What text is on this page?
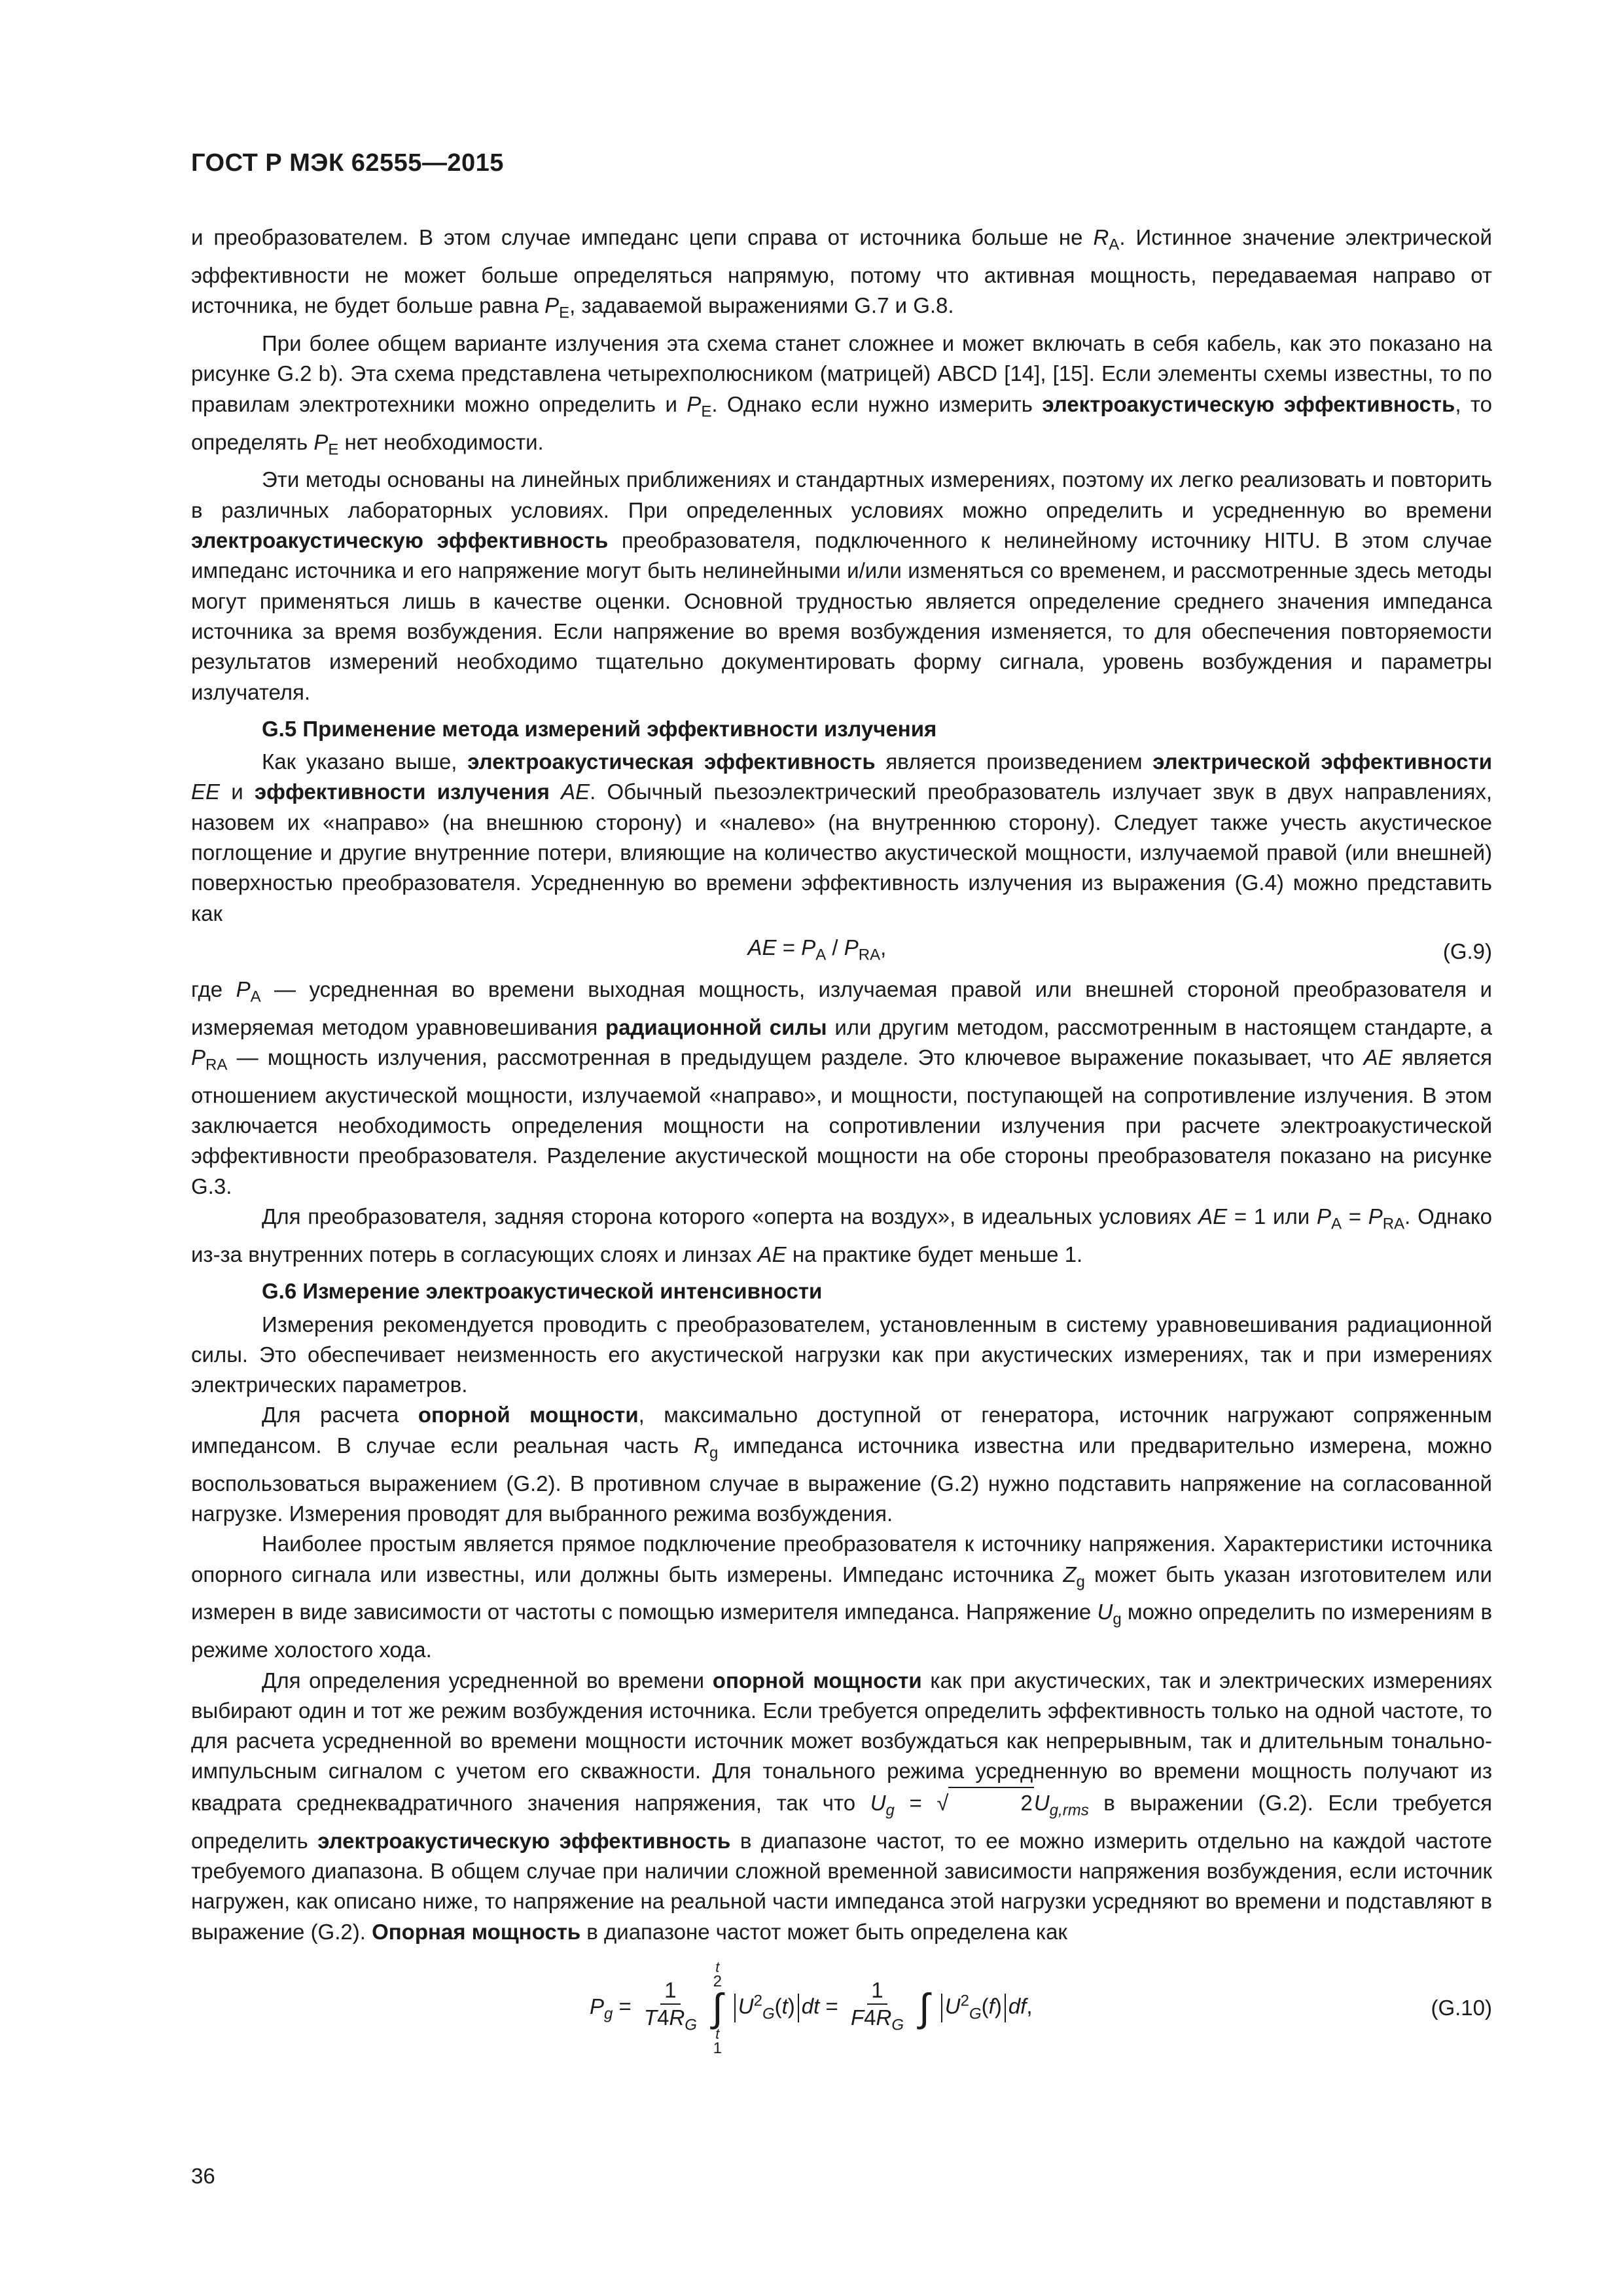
ГОСТ Р МЭК 62555—2015

и преобразователем. В этом случае импеданс цепи справа от источника больше не $R_A$. Истинное значение электрической эффективности не может больше определяться напрямую, потому что активная мощность, передаваемая направо от источника, не будет больше равна $P_E$, задаваемой выражениями G.7 и G.8.

При более общем варианте излучения эта схема станет сложнее и может включать в себя кабель, как это показано на рисунке G.2 b). Эта схема представлена четырехполюсником (матрицей) ABCD [14], [15]. Если элементы схемы известны, то по правилам электротехники можно определить и $P_E$. Однако если нужно измерить электроакустическую эффективность, то определять $P_E$ нет необходимости.

Эти методы основаны на линейных приближениях и стандартных измерениях, поэтому их легко реализовать и повторить в различных лабораторных условиях. При определенных условиях можно определить и усредненную во времени электроакустическую эффективность преобразователя, подключенного к нелинейному источнику HITU. В этом случае импеданс источника и его напряжение могут быть нелинейными и/или изменяться со временем, и рассмотренные здесь методы могут применяться лишь в качестве оценки. Основной трудностью является определение среднего значения импеданса источника за время возбуждения. Если напряжение во время возбуждения изменяется, то для обеспечения повторяемости результатов измерений необходимо тщательно документировать форму сигнала, уровень возбуждения и параметры излучателя.

G.5 Применение метода измерений эффективности излучения

Как указано выше, электроакустическая эффективность является произведением электрической эффективности EE и эффективности излучения AE. Обычный пьезоэлектрический преобразователь излучает звук в двух направлениях, назовем их «направо» (на внешнюю сторону) и «налево» (на внутреннюю сторону). Следует также учесть акустическое поглощение и другие внутренние потери, влияющие на количество акустической мощности, излучаемой правой (или внешней) поверхностью преобразователя. Усредненную во времени эффективность излучения из выражения (G.4) можно представить как

AE = $P_A / P_{RA}$,	(G.9)

где $P_A$ — усредненная во времени выходная мощность, излучаемая правой или внешней стороной преобразователя и измеряемая методом уравновешивания радиационной силы или другим методом, рассмотренным в настоящем стандарте, а $P_{RA}$ — мощность излучения, рассмотренная в предыдущем разделе. Это ключевое выражение показывает, что AE является отношением акустической мощности, излучаемой «направо», и мощности, поступающей на сопротивление излучения. В этом заключается необходимость определения мощности на сопротивлении излучения при расчете электроакустической эффективности преобразователя. Разделение акустической мощности на обе стороны преобразователя показано на рисунке G.3.

Для преобразователя, задняя сторона которого «оперта на воздух», в идеальных условиях AE = 1 или $P_A = P_{RA}$. Однако из-за внутренних потерь в согласующих слоях и линзах AE на практике будет меньше 1.

G.6 Измерение электроакустической интенсивности

Измерения рекомендуется проводить с преобразователем, установленным в систему уравновешивания радиационной силы. Это обеспечивает неизменность его акустической нагрузки как при акустических измерениях, так и при измерениях электрических параметров.

Для расчета опорной мощности, максимально доступной от генератора, источник нагружают сопряженным импедансом. В случае если реальная часть $R_g$ импеданса источника известна или предварительно измерена, можно воспользоваться выражением (G.2). В противном случае в выражение (G.2) нужно подставить напряжение на согласованной нагрузке. Измерения проводят для выбранного режима возбуждения.

Наиболее простым является прямое подключение преобразователя к источнику напряжения. Характеристики источника опорного сигнала или известны, или должны быть измерены. Импеданс источника $Z_g$ может быть указан изготовителем или измерен в виде зависимости от частоты с помощью измерителя импеданса. Напряжение $U_g$ можно определить по измерениям в режиме холостого хода.

Для определения усредненной во времени опорной мощности как при акустических, так и электрических измерениях выбирают один и тот же режим возбуждения источника. Если требуется определить эффективность только на одной частоте, то для расчета усредненной во времени мощности источник может возбуждаться как непрерывным, так и длительным тонально-импульсным сигналом с учетом его скважности. Для тонального режима усредненную во времени мощность получают из квадрата среднеквадратичного значения напряжения, так что $U_g$ = √	$2U_{g,rms}$ в выражении (G.2). Если требуется определить электроакустическую эффективность в диапазоне частот, то ее можно измерить отдельно на каждой частоте требуемого диапазона. В общем случае при наличии сложной временной зависимости напряжения возбуждения, если источник нагружен, как описано ниже, то напряжение на реальной части импеданса этой нагрузки усредняют во времени и подставляют в выражение (G.2). Опорная мощность в диапазоне частот может быть определена как

$P_g = \frac{1}{T4R_G}$

t
2
∫
t
1
$U^2_G(t)$ dt = $\frac{1}{F4R_G}$
∫ $U^2_G(f)$ df,	(G.10)
36
